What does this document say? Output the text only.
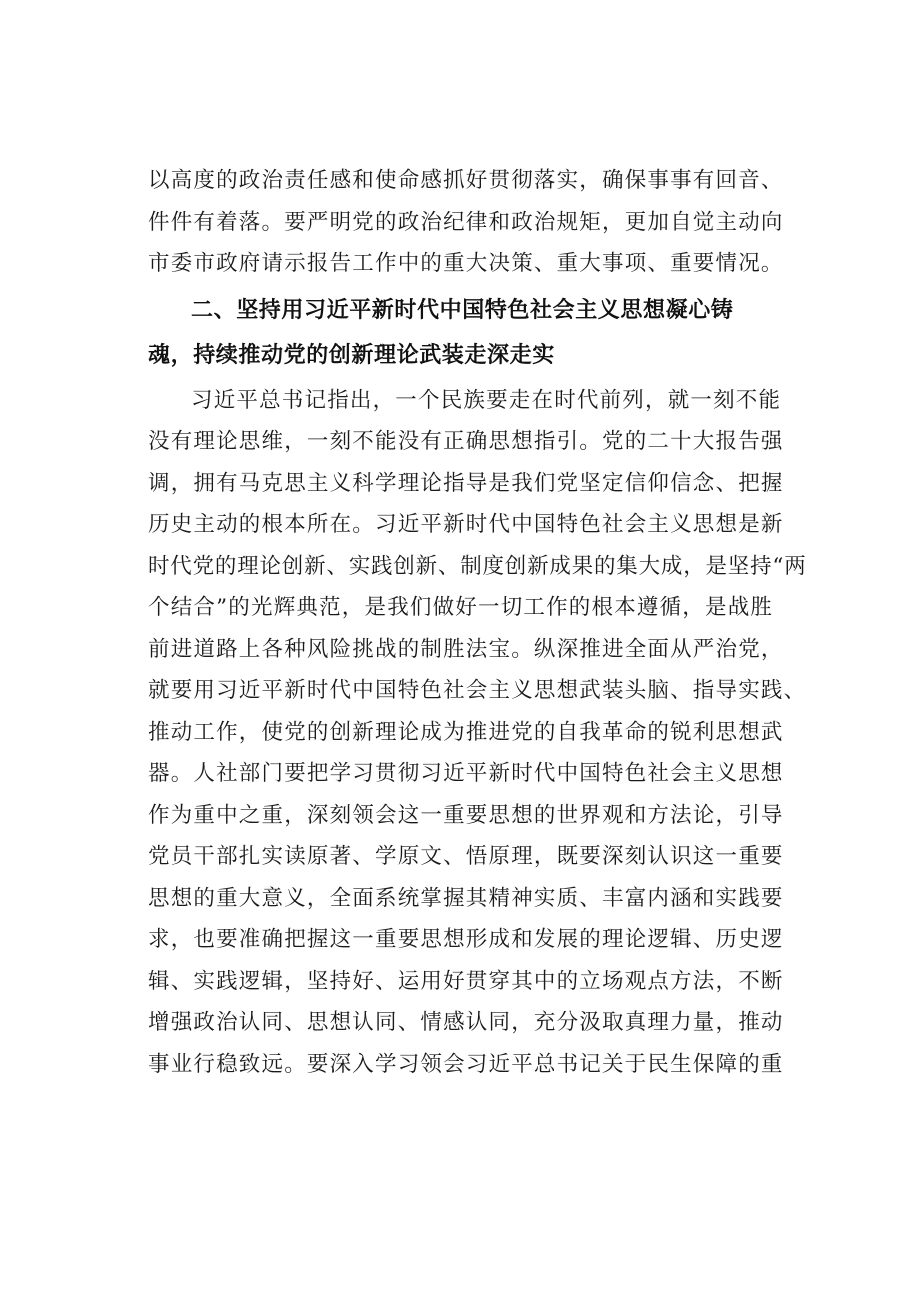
以高度的政治责任感和使命感抓好贯彻落实，确保事事有回音、
件件有着落。要严明党的政治纪律和政治规矩，更加自觉主动向
市委市政府请示报告工作中的重大决策、重大事项、重要情况。
二、坚持用习近平新时代中国特色社会主义思想凝心铸
魂，持续推动党的创新理论武装走深走实
习近平总书记指出，一个民族要走在时代前列，就一刻不能
没有理论思维，一刻不能没有正确思想指引。党的二十大报告强
调，拥有马克思主义科学理论指导是我们党坚定信仰信念、把握
历史主动的根本所在。习近平新时代中国特色社会主义思想是新
时代党的理论创新、实践创新、制度创新成果的集大成，是坚持“两
个结合”的光辉典范，是我们做好一切工作的根本遵循，是战胜
前进道路上各种风险挑战的制胜法宝。纵深推进全面从严治党，
就要用习近平新时代中国特色社会主义思想武装头脑、指导实践、
推动工作，使党的创新理论成为推进党的自我革命的锐利思想武
器。人社部门要把学习贯彻习近平新时代中国特色社会主义思想
作为重中之重，深刻领会这一重要思想的世界观和方法论，引导
党员干部扎实读原著、学原文、悟原理，既要深刻认识这一重要
思想的重大意义，全面系统掌握其精神实质、丰富内涵和实践要
求，也要准确把握这一重要思想形成和发展的理论逻辑、历史逻
辑、实践逻辑，坚持好、运用好贯穿其中的立场观点方法，不断
增强政治认同、思想认同、情感认同，充分汲取真理力量，推动
事业行稳致远。要深入学习领会习近平总书记关于民生保障的重
